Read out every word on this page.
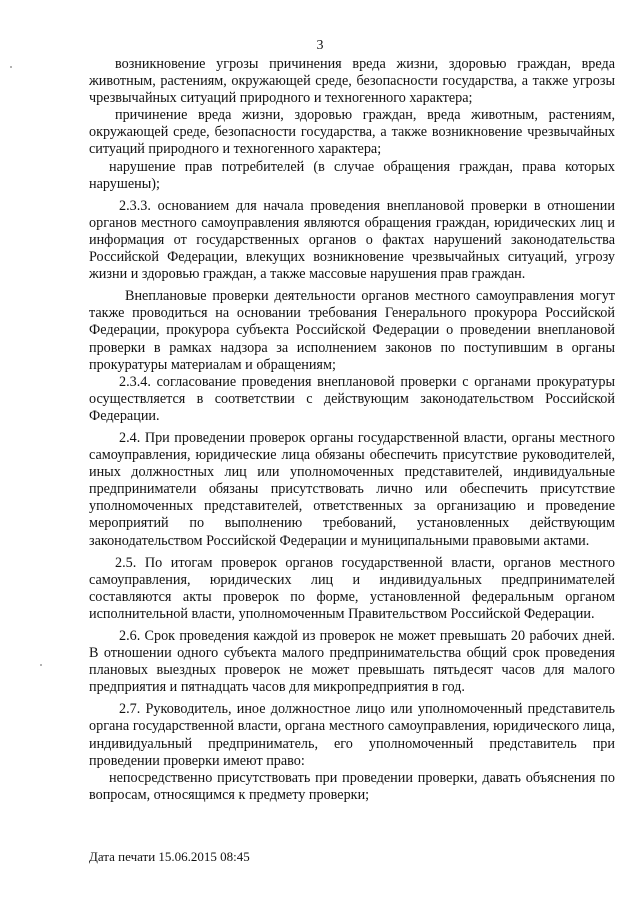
3

возникновение угрозы причинения вреда жизни, здоровью граждан, вреда животным, растениям, окружающей среде, безопасности государства, а также угрозы чрезвычайных ситуаций природного и техногенного характера;

причинение вреда жизни, здоровью граждан, вреда животным, растениям, окружающей среде, безопасности государства, а также возникновение чрезвычайных ситуаций природного и техногенного характера;

нарушение прав потребителей (в случае обращения граждан, права которых нарушены);

2.3.3. основанием для начала проведения внеплановой проверки в отношении органов местного самоуправления являются обращения граждан, юридических лиц и информация от государственных органов о фактах нарушений законодательства Российской Федерации, влекущих возникновение чрезвычайных ситуаций, угрозу жизни и здоровью граждан, а также массовые нарушения прав граждан.

Внеплановые проверки деятельности органов местного самоуправления могут также проводиться на основании требования Генерального прокурора Российской Федерации, прокурора субъекта Российской Федерации о проведении внеплановой проверки в рамках надзора за исполнением законов по поступившим в органы прокуратуры материалам и обращениям;

2.3.4. согласование проведения внеплановой проверки с органами прокуратуры осуществляется в соответствии с действующим законодательством Российской Федерации.

2.4. При проведении проверок органы государственной власти, органы местного самоуправления, юридические лица обязаны обеспечить присутствие руководителей, иных должностных лиц или уполномоченных представителей, индивидуальные предприниматели обязаны присутствовать лично или обеспечить присутствие уполномоченных представителей, ответственных за организацию и проведение мероприятий по выполнению требований, установленных действующим законодательством Российской Федерации и муниципальными правовыми актами.

2.5. По итогам проверок органов государственной власти, органов местного самоуправления, юридических лиц и индивидуальных предпринимателей составляются акты проверок по форме, установленной федеральным органом исполнительной власти, уполномоченным Правительством Российской Федерации.

2.6. Срок проведения каждой из проверок не может превышать 20 рабочих дней. В отношении одного субъекта малого предпринимательства общий срок проведения плановых выездных проверок не может превышать пятьдесят часов для малого предприятия и пятнадцать часов для микропредприятия в год.

2.7. Руководитель, иное должностное лицо или уполномоченный представитель органа государственной власти, органа местного самоуправления, юридического лица, индивидуальный предприниматель, его уполномоченный представитель при проведении проверки имеют право:

непосредственно присутствовать при проведении проверки, давать объяснения по вопросам, относящимся к предмету проверки;

Дата печати 15.06.2015 08:45
